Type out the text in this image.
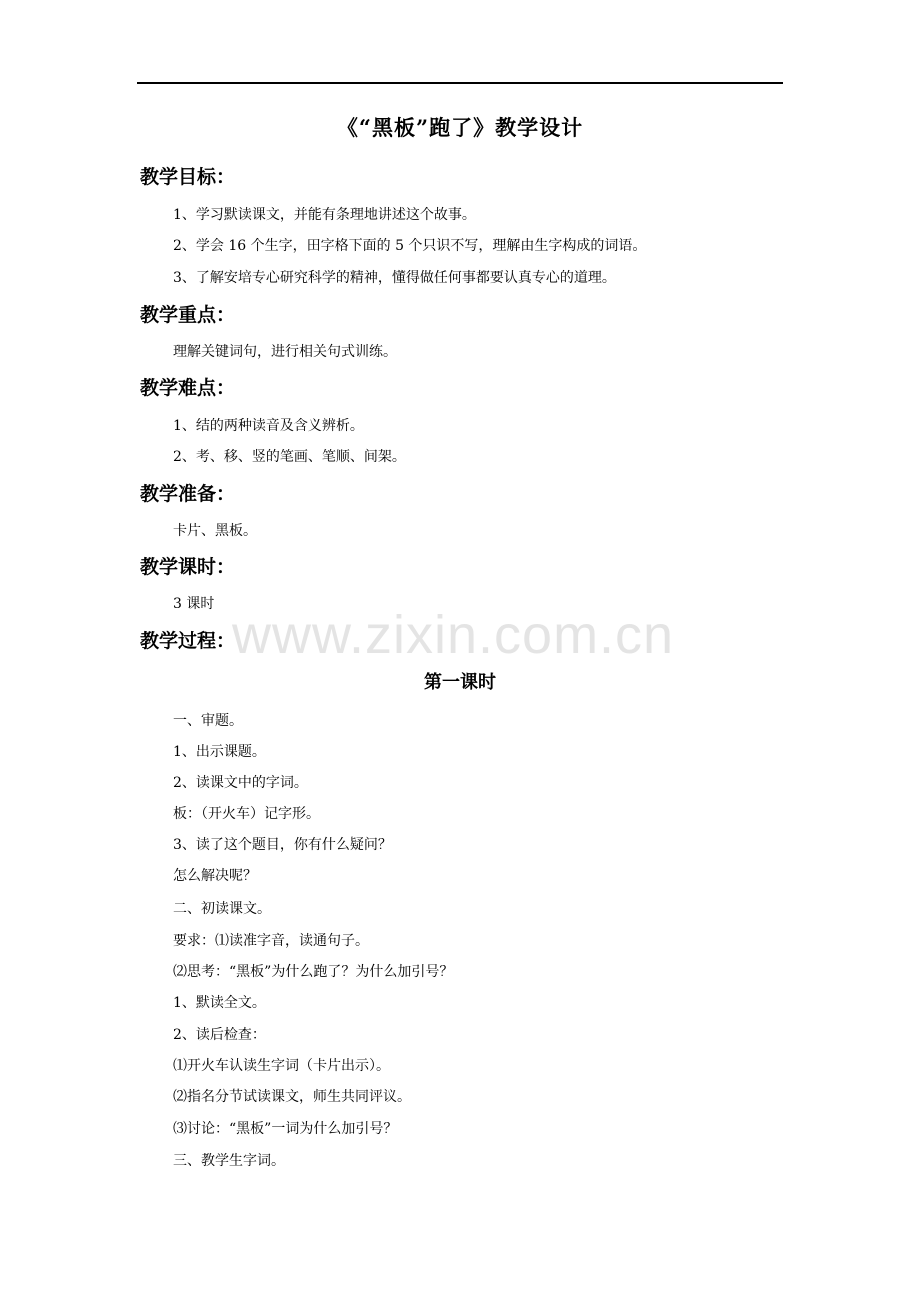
《“黑板”跑了》教学设计
教学目标：
1、学习默读课文，并能有条理地讲述这个故事。
2、学会 16 个生字，田字格下面的 5 个只识不写，理解由生字构成的词语。
3、了解安培专心研究科学的精神，懂得做任何事都要认真专心的道理。
教学重点：
理解关键词句，进行相关句式训练。
教学难点：
1、结的两种读音及含义辨析。
2、考、移、竖的笔画、笔顺、间架。
教学准备：
卡片、黑板。
教学课时：
3 课时
教学过程：
第一课时
一、审题。
1、出示课题。
2、读课文中的字词。
板：（开火车）记字形。
3、读了这个题目，你有什么疑问？
怎么解决呢？
二、初读课文。
要求：⑴读准字音，读通句子。
⑵思考：“黑板”为什么跑了？为什么加引号？
1、默读全文。
2、读后检查：
⑴开火车认读生字词（卡片出示）。
⑵指名分节试读课文，师生共同评议。
⑶讨论：“黑板”一词为什么加引号？
三、教学生字词。
www.zixin.com.cn
